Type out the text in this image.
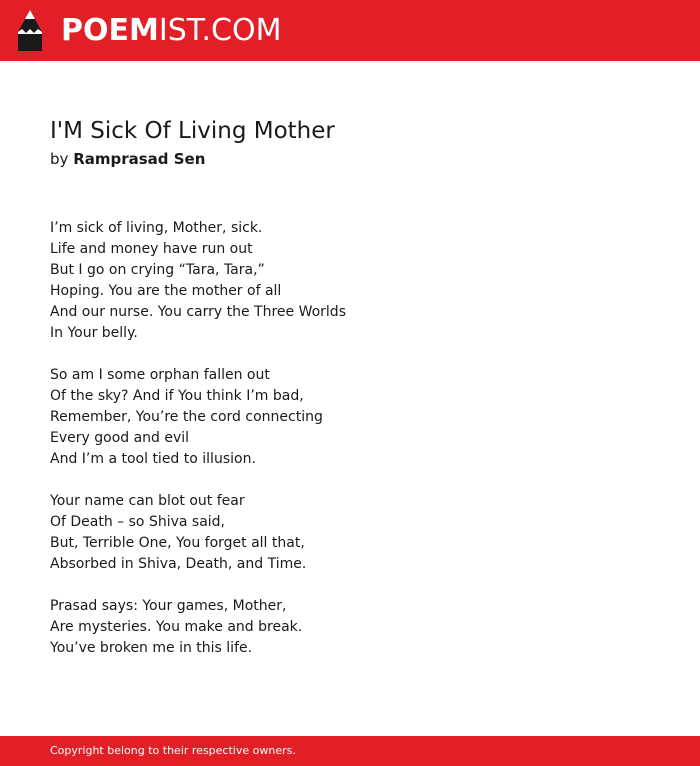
POEMIST.COM
I'M Sick Of Living Mother
by Ramprasad Sen
I’m sick of living, Mother, sick.
Life and money have run out
But I go on crying “Tara, Tara,”
Hoping. You are the mother of all
And our nurse. You carry the Three Worlds
In Your belly.
So am I some orphan fallen out
Of the sky? And if You think I’m bad,
Remember, You’re the cord connecting
Every good and evil
And I’m a tool tied to illusion.
Your name can blot out fear
Of Death – so Shiva said,
But, Terrible One, You forget all that,
Absorbed in Shiva, Death, and Time.
Prasad says: Your games, Mother,
Are mysteries. You make and break.
You’ve broken me in this life.
Copyright belong to their respective owners.
